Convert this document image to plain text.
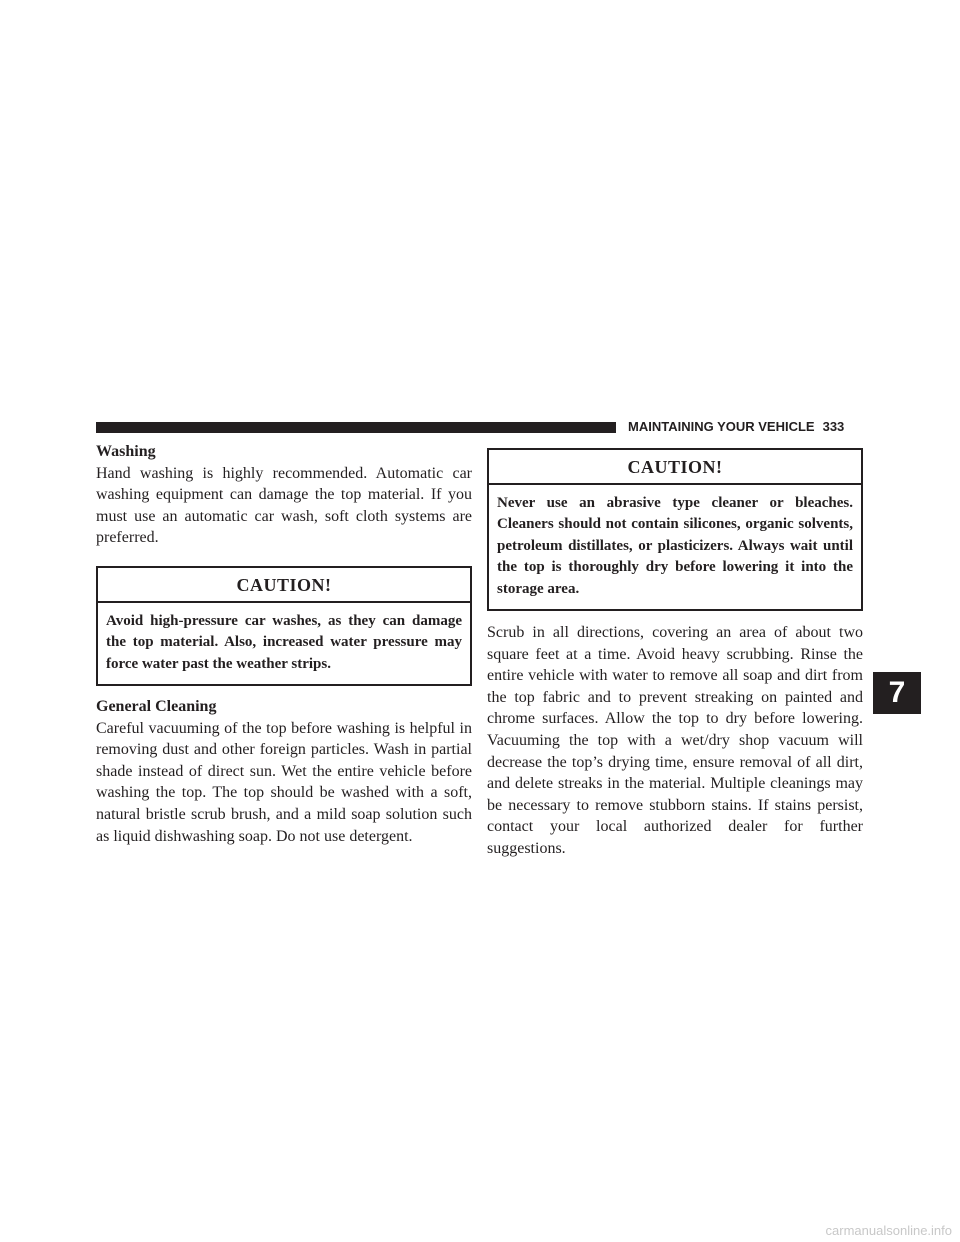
MAINTAINING YOUR VEHICLE 333

Washing

Hand washing is highly recommended. Automatic car washing equipment can damage the top material. If you must use an automatic car wash, soft cloth systems are preferred.

CAUTION!

Avoid high-pressure car washes, as they can damage the top material. Also, increased water pressure may force water past the weather strips.

General Cleaning

Careful vacuuming of the top before washing is helpful in removing dust and other foreign particles. Wash in partial shade instead of direct sun. Wet the entire vehicle before washing the top. The top should be washed with a soft, natural bristle scrub brush, and a mild soap solution such as liquid dishwashing soap. Do not use detergent.

CAUTION!

Never use an abrasive type cleaner or bleaches. Cleaners should not contain silicones, organic solvents, petroleum distillates, or plasticizers. Always wait until the top is thoroughly dry before lowering it into the storage area.

Scrub in all directions, covering an area of about two square feet at a time. Avoid heavy scrubbing. Rinse the entire vehicle with water to remove all soap and dirt from the top fabric and to prevent streaking on painted and chrome surfaces. Allow the top to dry before lowering. Vacuuming the top with a wet/dry shop vacuum will decrease the top’s drying time, ensure removal of all dirt, and delete streaks in the material. Multiple cleanings may be necessary to remove stubborn stains. If stains persist, contact your local authorized dealer for further suggestions.

7
carmanualsonline.info
